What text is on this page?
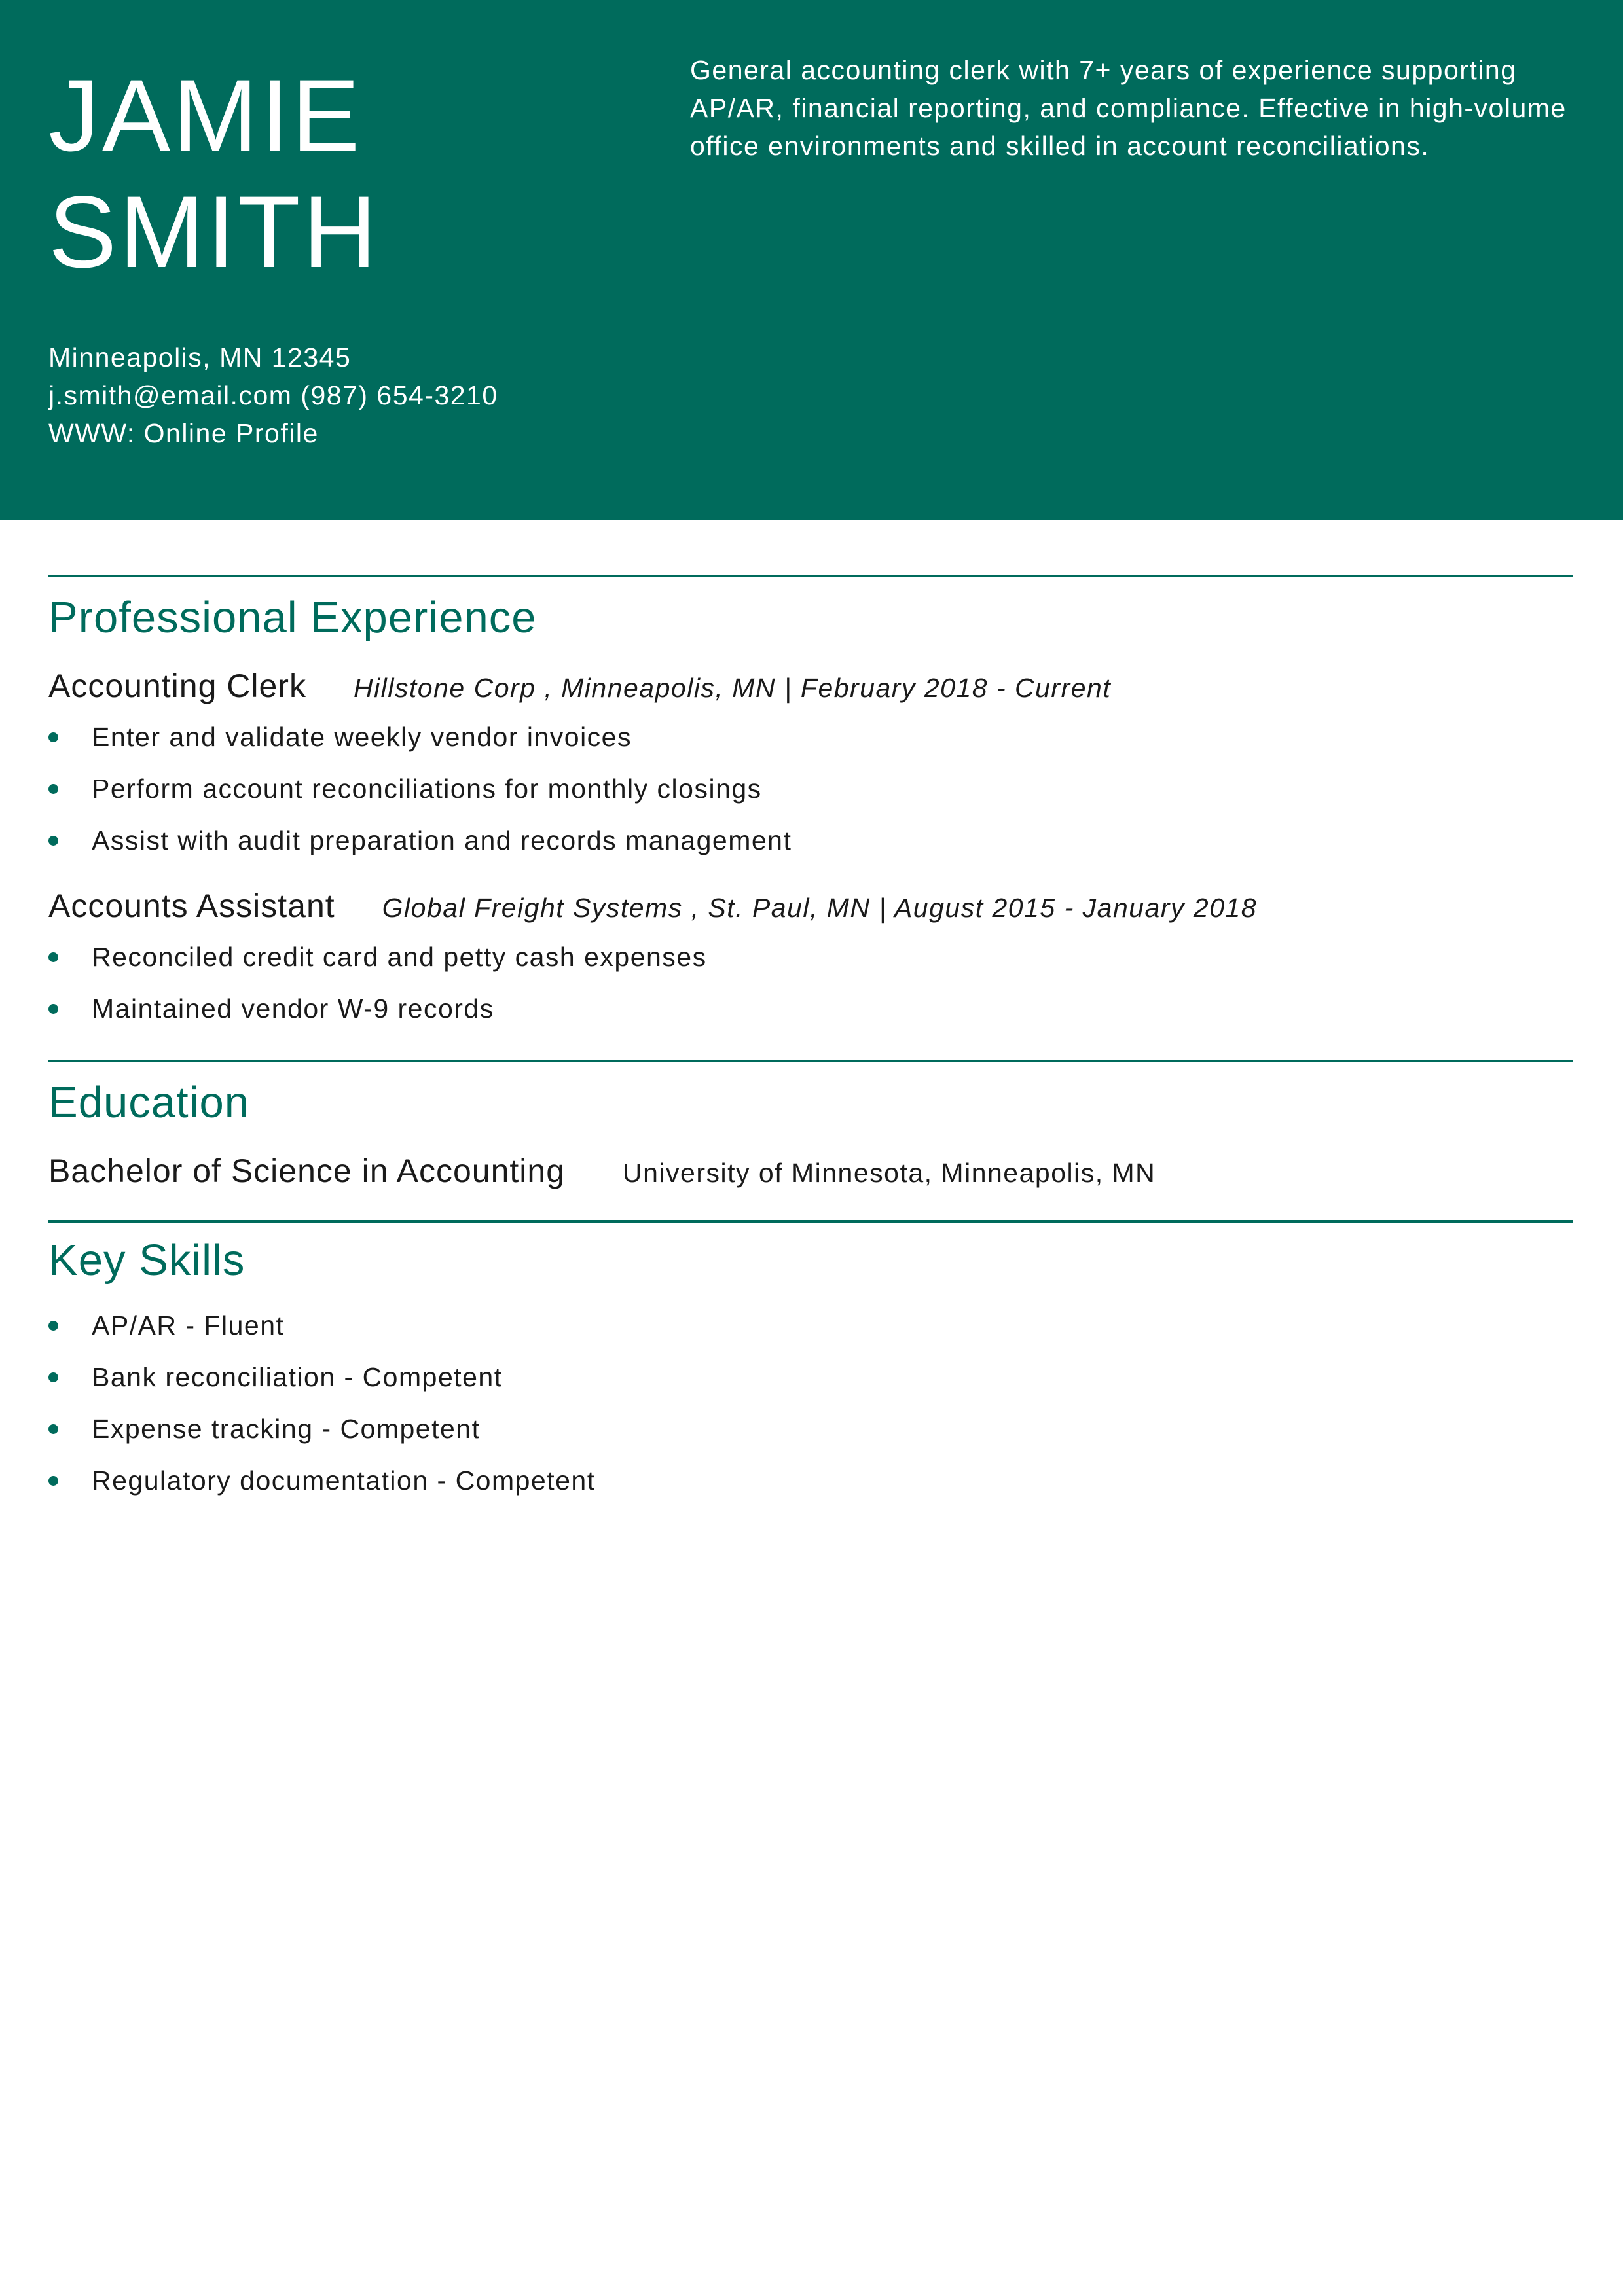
JAMIE
SMITH
Minneapolis, MN 12345
j.smith@email.com (987) 654-3210
WWW: Online Profile

General accounting clerk with 7+ years of experience supporting AP/AR, financial reporting, and compliance. Effective in high-volume office environments and skilled in account reconciliations.

Professional Experience
Accounting Clerk Hillstone Corp , Minneapolis, MN | February 2018 - Current
Enter and validate weekly vendor invoices
Perform account reconciliations for monthly closings
Assist with audit preparation and records management
Accounts Assistant Global Freight Systems , St. Paul, MN | August 2015 - January 2018
Reconciled credit card and petty cash expenses
Maintained vendor W-9 records
Education
Bachelor of Science in Accounting University of Minnesota, Minneapolis, MN
Key Skills
AP/AR - Fluent
Bank reconciliation - Competent
Expense tracking - Competent
Regulatory documentation - Competent
